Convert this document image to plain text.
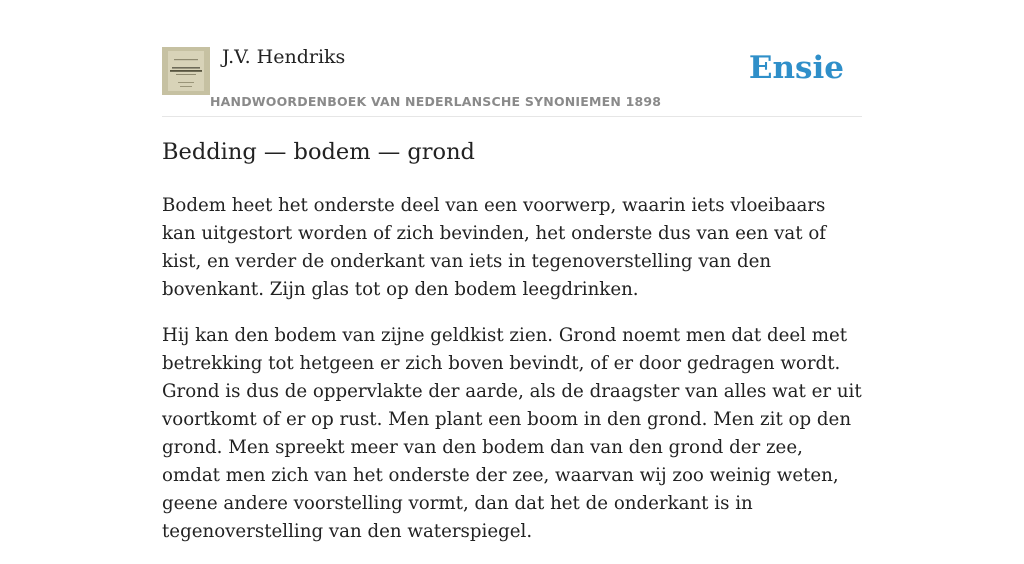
J.V. Hendriks
HANDWOORDENBOEK VAN NEDERLANSCHE SYNONIEMEN 1898
Ensie
Bedding — bodem — grond

Bodem heet het onderste deel van een voorwerp, waarin iets vloeibaars kan uitgestort worden of zich bevinden, het onderste dus van een vat of kist, en verder de onderkant van iets in tegenoverstelling van den bovenkant. Zijn glas tot op den bodem leegdrinken.

Hij kan den bodem van zijne geldkist zien. Grond noemt men dat deel met betrekking tot hetgeen er zich boven bevindt, of er door gedragen wordt. Grond is dus de oppervlakte der aarde, als de draagster van alles wat er uit voortkomt of er op rust. Men plant een boom in den grond. Men zit op den grond. Men spreekt meer van den bodem dan van den grond der zee, omdat men zich van het onderste der zee, waarvan wij zoo weinig weten, geene andere voorstelling vormt, dan dat het de onderkant is in tegenoverstelling van den waterspiegel.
